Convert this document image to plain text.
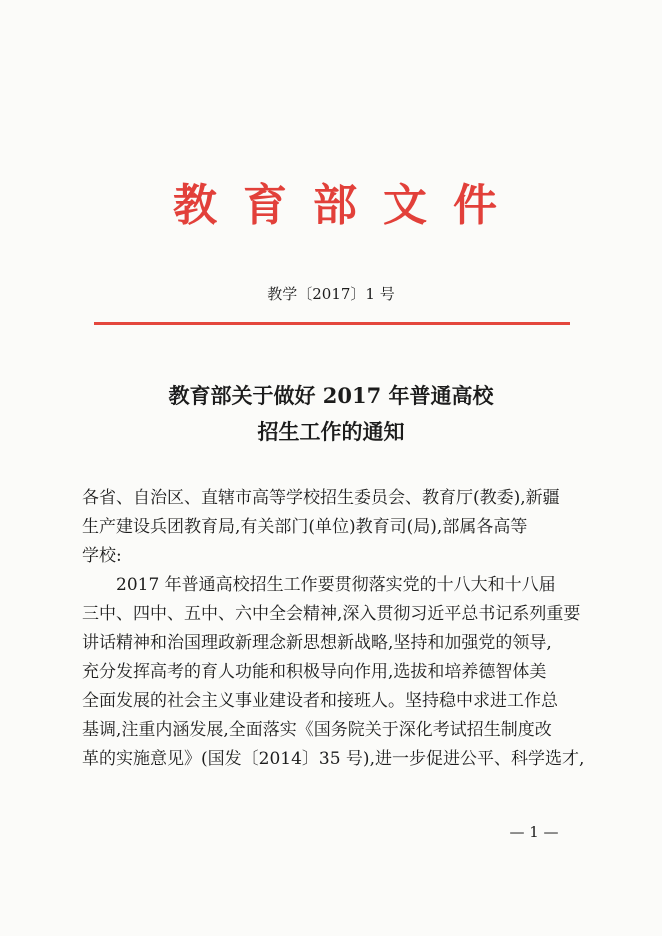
教育部文件
教学〔2017〕1 号
教育部关于做好 2017 年普通高校
招生工作的通知
各省、自治区、直辖市高等学校招生委员会、教育厅(教委),新疆
生产建设兵团教育局,有关部门(单位)教育司(局),部属各高等
学校:
2017 年普通高校招生工作要贯彻落实党的十八大和十八届
三中、四中、五中、六中全会精神,深入贯彻习近平总书记系列重要
讲话精神和治国理政新理念新思想新战略,坚持和加强党的领导,
充分发挥高考的育人功能和积极导向作用,选拔和培养德智体美
全面发展的社会主义事业建设者和接班人。坚持稳中求进工作总
基调,注重内涵发展,全面落实《国务院关于深化考试招生制度改
革的实施意见》(国发〔2014〕35 号),进一步促进公平、科学选才,
— 1 —
